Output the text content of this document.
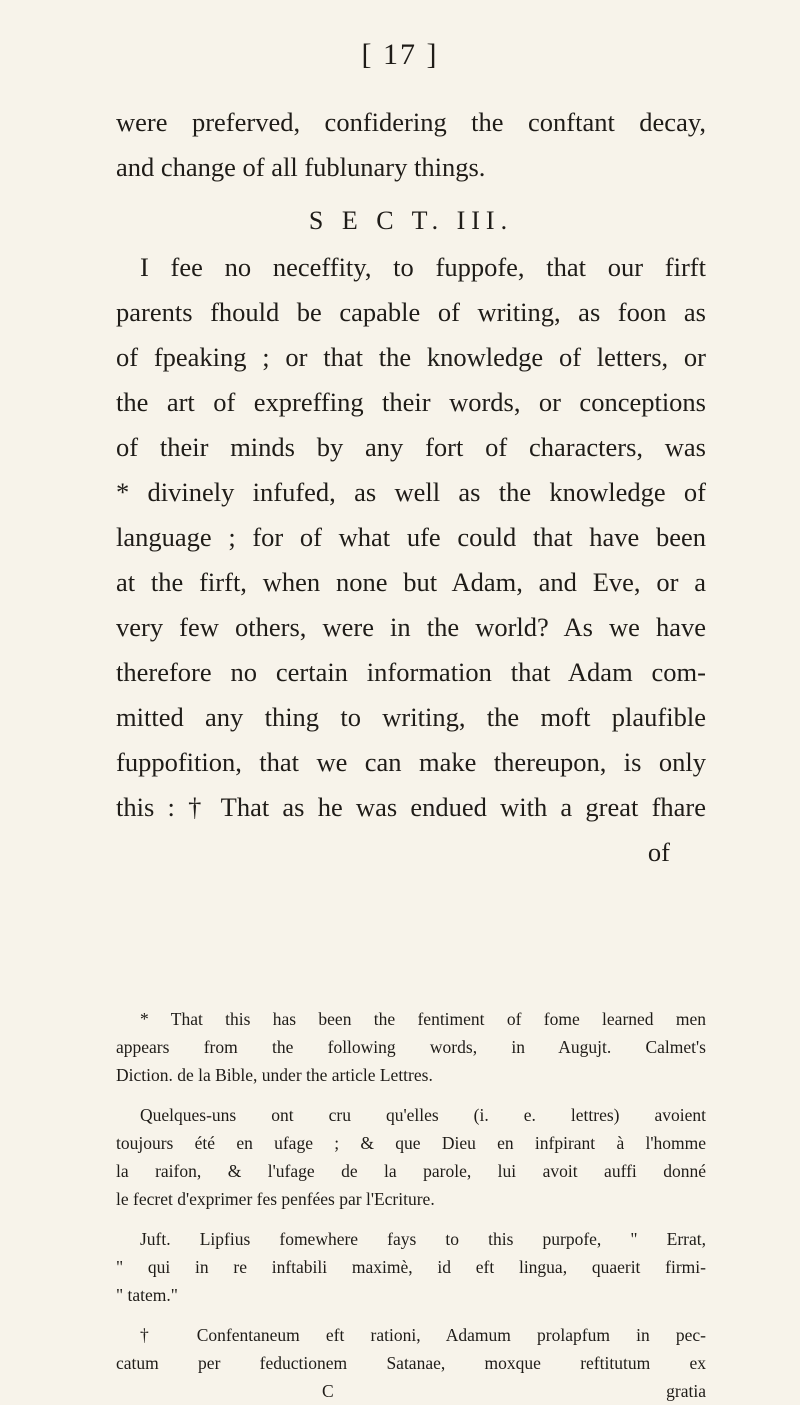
[ 17 ]
were preferved, confidering the conftant decay,
and change of all fublunary things.
S E C T. III.
I fee no neceffity, to fuppofe, that our firft
parents fhould be capable of writing, as foon as
of fpeaking ; or that the knowledge of letters, or
the art of expreffing their words, or conceptions
of their minds by any fort of characters, was
* divinely infufed, as well as the knowledge of
language ; for of what ufe could that have been
at the firft, when none but Adam, and Eve, or a
very few others, were in the world? As we have
therefore no certain information that Adam com-
mitted any thing to writing, the moft plaufible
fuppofition, that we can make thereupon, is only
this : † That as he was endued with a great fhare
of
* That this has been the fentiment of fome learned men
appears from the following words, in Augujt. Calmet's
Diction. de la Bible, under the article Lettres.
Quelques-uns ont cru qu'elles (i. e. lettres) avoient
toujours été en ufage ; & que Dieu en infpirant à l'homme
la raifon, & l'ufage de la parole, lui avoit auffi donné
le fecret d'exprimer fes penfées par l'Ecriture.
Juft. Lipfius fomewhere fays to this purpofe, " Errat,
" qui in re inftabili maximè, id eft lingua, quaerit firmi-
" tatem."
† Confentaneum eft rationi, Adamum prolapfum in pec-
catum per feductionem Satanae, moxque reftitutum ex
C	gratia
